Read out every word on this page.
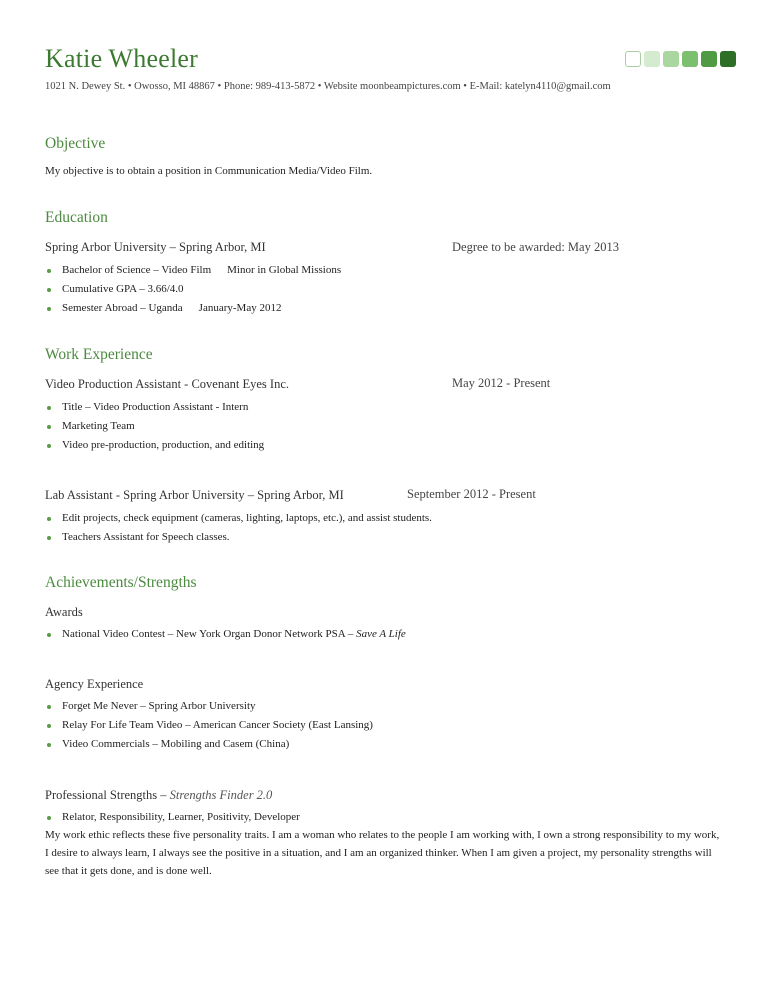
Katie Wheeler
1021 N. Dewey St. • Owosso, MI 48867 • Phone: 989-413-5872 • Website moonbeampictures.com • E-Mail: katelyn4110@gmail.com
Objective
My objective is to obtain a position in Communication Media/Video Film.
Education
Spring Arbor University – Spring Arbor, MI	Degree to be awarded: May 2013
Bachelor of Science – Video Film Minor in Global Missions
Cumulative GPA – 3.66/4.0
Semester Abroad – Uganda January-May 2012
Work Experience
Video Production Assistant - Covenant Eyes Inc.	May 2012 - Present
Title – Video Production Assistant - Intern
Marketing Team
Video pre-production, production, and editing
Lab Assistant - Spring Arbor University – Spring Arbor, MI	September 2012 - Present
Edit projects, check equipment (cameras, lighting, laptops, etc.), and assist students.
Teachers Assistant for Speech classes.
Achievements/Strengths
Awards
National Video Contest – New York Organ Donor Network PSA – Save A Life
Agency Experience
Forget Me Never – Spring Arbor University
Relay For Life Team Video – American Cancer Society (East Lansing)
Video Commercials – Mobiling and Casem (China)
Professional Strengths – Strengths Finder 2.0
Relator, Responsibility, Learner, Positivity, Developer
My work ethic reflects these five personality traits. I am a woman who relates to the people I am working with, I own a strong responsibility to my work, I desire to always learn, I always see the positive in a situation, and I am an organized thinker. When I am given a project, my personality strengths will see that it gets done, and is done well.
